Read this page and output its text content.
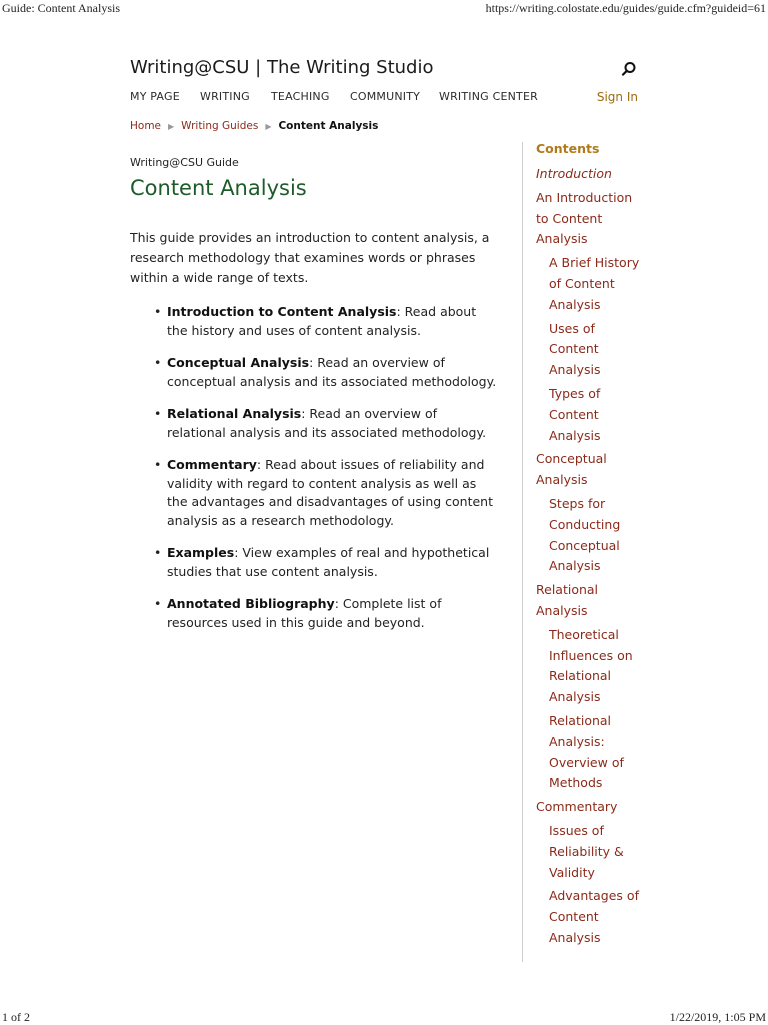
Guide: Content Analysis	https://writing.colostate.edu/guides/guide.cfm?guideid=61
1 of 2	1/22/2019, 1:05 PM
Writing@CSU | The Writing Studio
MY PAGE WRITING TEACHING COMMUNITY WRITING CENTER	Sign In
Home ▶ Writing Guides ▶ Content Analysis
Writing@CSU Guide
Content Analysis

This guide provides an introduction to content analysis, a research methodology that examines words or phrases within a wide range of texts.

• Introduction to Content Analysis: Read about the history and uses of content analysis.
• Conceptual Analysis: Read an overview of conceptual analysis and its associated methodology.
• Relational Analysis: Read an overview of relational analysis and its associated methodology.
• Commentary: Read about issues of reliability and validity with regard to content analysis as well as the advantages and disadvantages of using content analysis as a research methodology.
• Examples: View examples of real and hypothetical studies that use content analysis.
• Annotated Bibliography: Complete list of resources used in this guide and beyond.
Contents
Introduction
An Introduction to Content Analysis
A Brief History of Content Analysis
Uses of Content Analysis
Types of Content Analysis
Conceptual Analysis
Steps for Conducting Conceptual Analysis
Relational Analysis
Theoretical Influences on Relational Analysis
Relational Analysis: Overview of Methods
Commentary
Issues of Reliability & Validity
Advantages of Content Analysis
